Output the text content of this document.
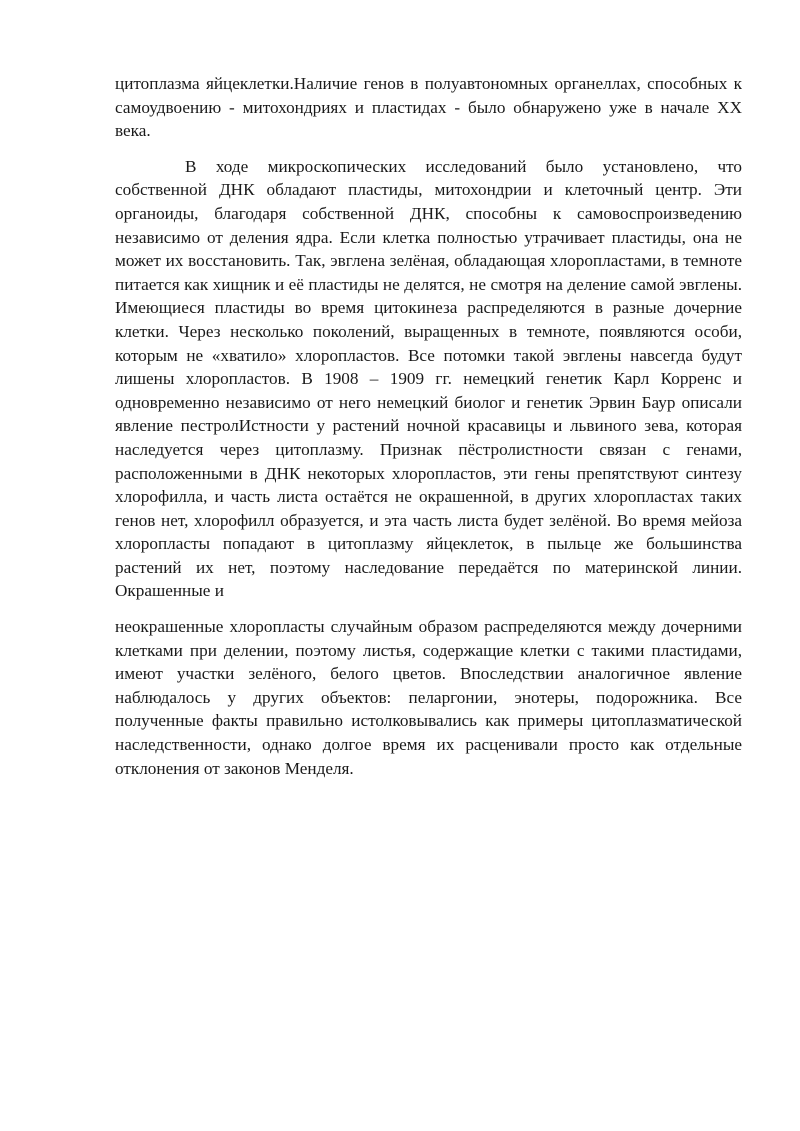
цитоплазма яйцеклетки.Наличие генов в полуавтономных органеллах, способных к самоудвоению - митохондриях и пластидах - было обнаружено уже в начале XX века.

В ходе микроскопических исследований было установлено, что собственной ДНК обладают пластиды, митохондрии и клеточный центр. Эти органоиды, благодаря собственной ДНК, способны к самовоспроизведению независимо от деления ядра. Если клетка полностью утрачивает пластиды, она не может их восстановить. Так, эвглена зелёная, обладающая хлоропластами, в темноте питается как хищник и её пластиды не делятся, не смотря на деление самой эвглены. Имеющиеся пластиды во время цитокинеза распределяются в разные дочерние клетки. Через несколько поколений, выращенных в темноте, появляются особи, которым не «хватило» хлоропластов. Все потомки такой эвглены навсегда будут лишены хлоропластов. В 1908 – 1909 гг. немецкий генетик Карл Корренс и одновременно независимо от него немецкий биолог и генетик Эрвин Баур описали явление пестролИстности у растений ночной красавицы и львиного зева, которая наследуется через цитоплазму. Признак пёстролистности связан с генами, расположенными в ДНК некоторых хлоропластов, эти гены препятствуют синтезу хлорофилла, и часть листа остаётся не окрашенной, в других хлоропластах таких генов нет, хлорофилл образуется, и эта часть листа будет зелёной. Во время мейоза хлоропласты попадают в цитоплазму яйцеклеток, в пыльце же большинства растений их нет, поэтому наследование передаётся по материнской линии. Окрашенные и

неокрашенные хлоропласты случайным образом распределяются между дочерними клетками при делении, поэтому листья, содержащие клетки с такими пластидами, имеют участки зелёного, белого цветов. Впоследствии аналогичное явление наблюдалось у других объектов: пеларгонии, энотеры, подорожника. Все полученные факты правильно истолковывались как примеры цитоплазматической наследственности, однако долгое время их расценивали просто как отдельные отклонения от законов Менделя.
